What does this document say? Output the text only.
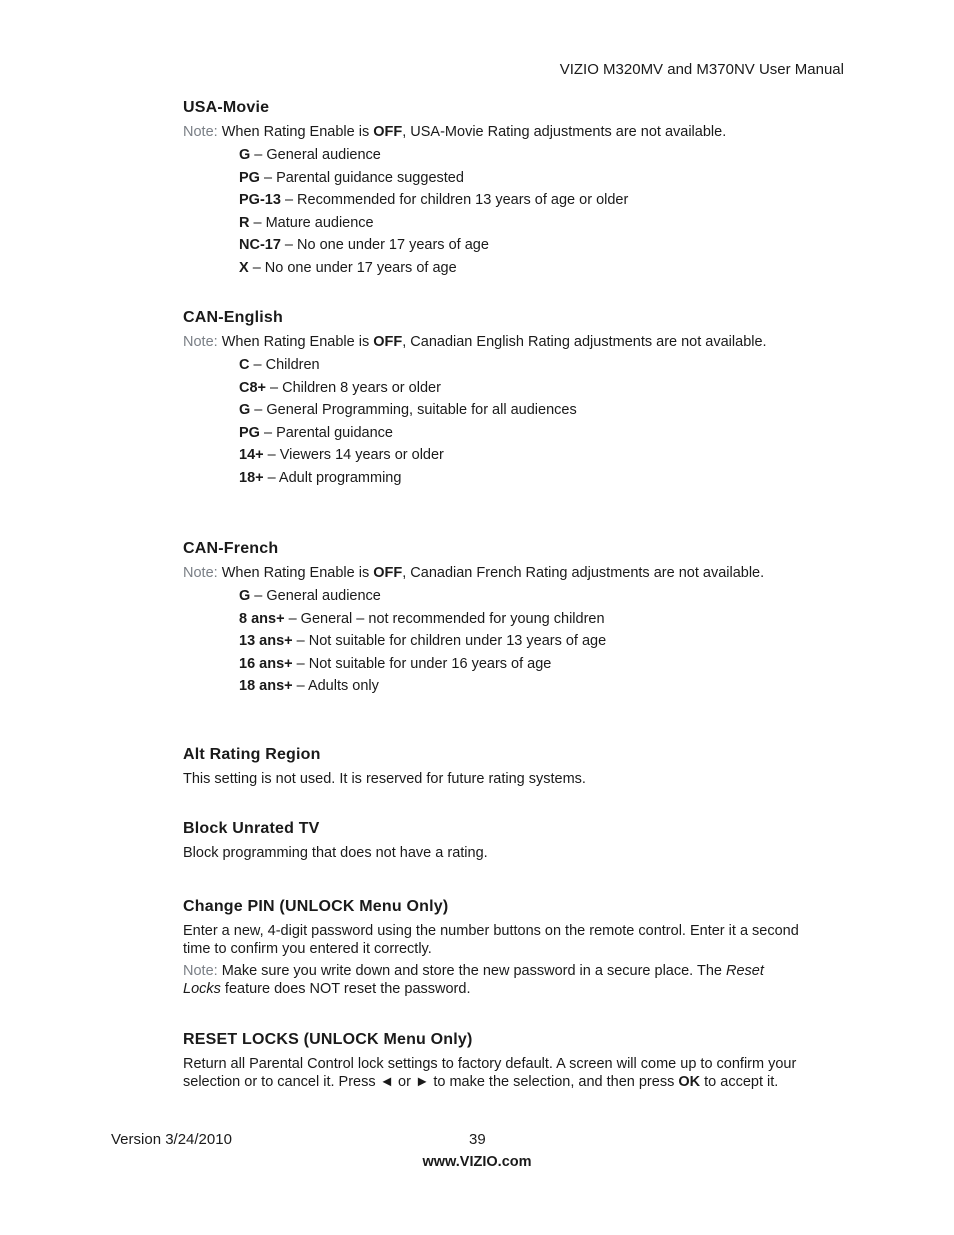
VIZIO M320MV and M370NV User Manual
USA-Movie

Note: When Rating Enable is OFF, USA-Movie Rating adjustments are not available.

G – General audience
PG – Parental guidance suggested
PG-13 – Recommended for children 13 years of age or older
R – Mature audience
NC-17 – No one under 17 years of age
X – No one under 17 years of age
CAN-English

Note: When Rating Enable is OFF, Canadian English Rating adjustments are not available.

C – Children
C8+ – Children 8 years or older
G – General Programming, suitable for all audiences
PG – Parental guidance
14+ – Viewers 14 years or older
18+ – Adult programming
CAN-French

Note: When Rating Enable is OFF, Canadian French Rating adjustments are not available.

G – General audience
8 ans+ – General – not recommended for young children
13 ans+ – Not suitable for children under 13 years of age
16 ans+ – Not suitable for under 16 years of age
18 ans+ – Adults only
Alt Rating Region

This setting is not used. It is reserved for future rating systems.

Block Unrated TV

Block programming that does not have a rating.

Change PIN (UNLOCK Menu Only)

Enter a new, 4-digit password using the number buttons on the remote control. Enter it a second time to confirm you entered it correctly.

Note: Make sure you write down and store the new password in a secure place. The Reset Locks feature does NOT reset the password.

RESET LOCKS (UNLOCK Menu Only)

Return all Parental Control lock settings to factory default. A screen will come up to confirm your selection or to cancel it. Press ◄ or ► to make the selection, and then press OK to accept it.

Version 3/24/2010	39
www.VIZIO.com
